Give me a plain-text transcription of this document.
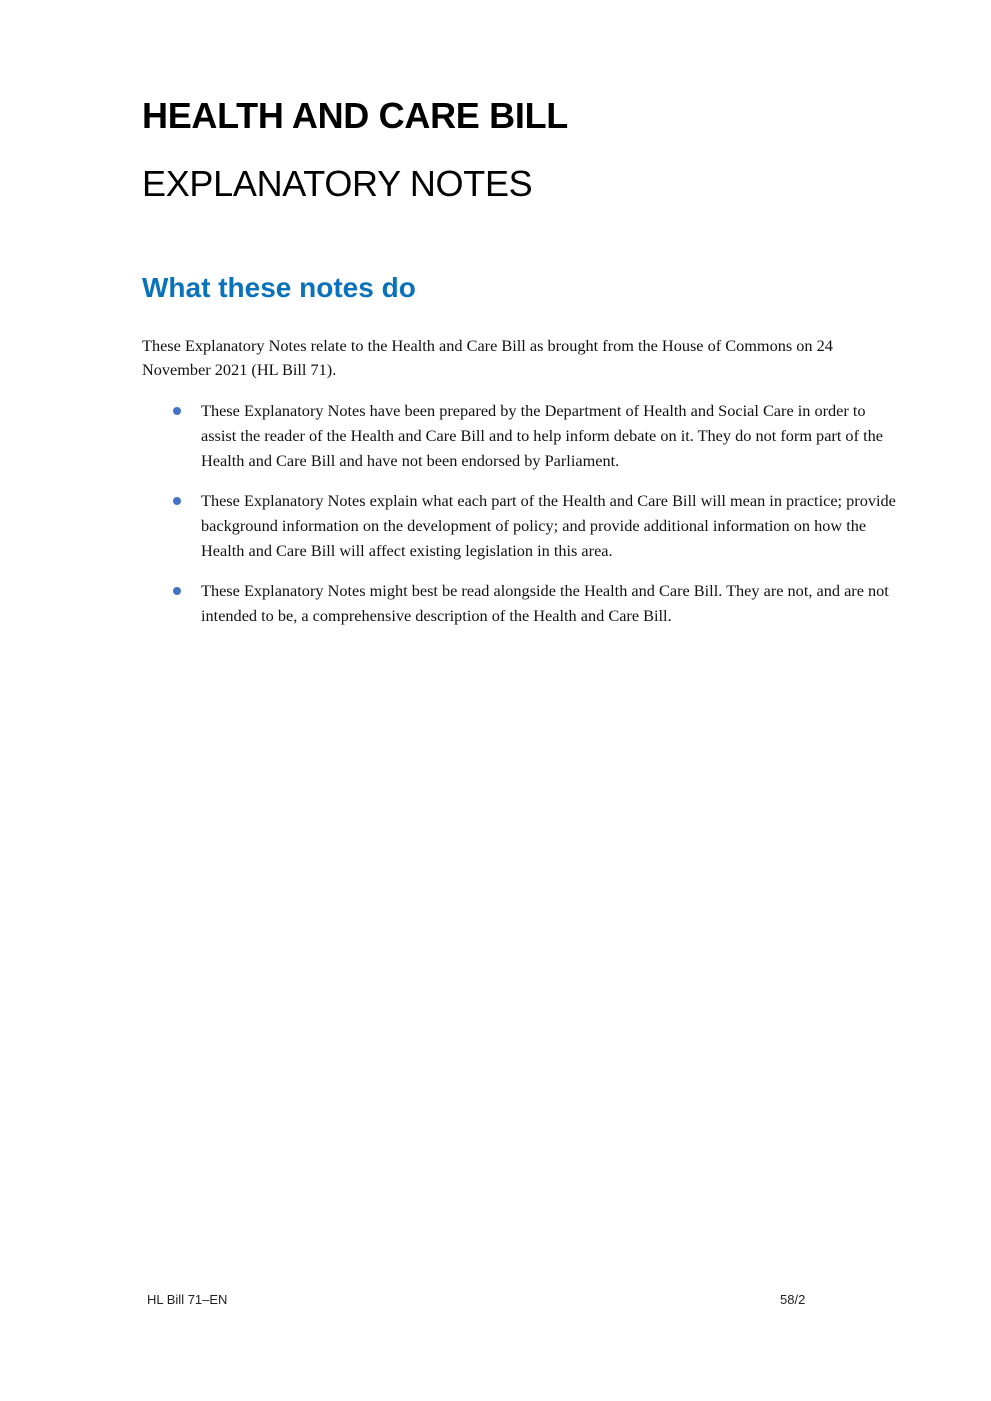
HEALTH AND CARE BILL
EXPLANATORY NOTES
What these notes do

These Explanatory Notes relate to the Health and Care Bill as brought from the House of Commons on 24 November 2021 (HL Bill 71).

These Explanatory Notes have been prepared by the Department of Health and Social Care in order to assist the reader of the Health and Care Bill and to help inform debate on it. They do not form part of the Health and Care Bill and have not been endorsed by Parliament.
These Explanatory Notes explain what each part of the Health and Care Bill will mean in practice; provide background information on the development of policy; and provide additional information on how the Health and Care Bill will affect existing legislation in this area.
These Explanatory Notes might best be read alongside the Health and Care Bill. They are not, and are not intended to be, a comprehensive description of the Health and Care Bill.
HL Bill 71–EN	58/2
